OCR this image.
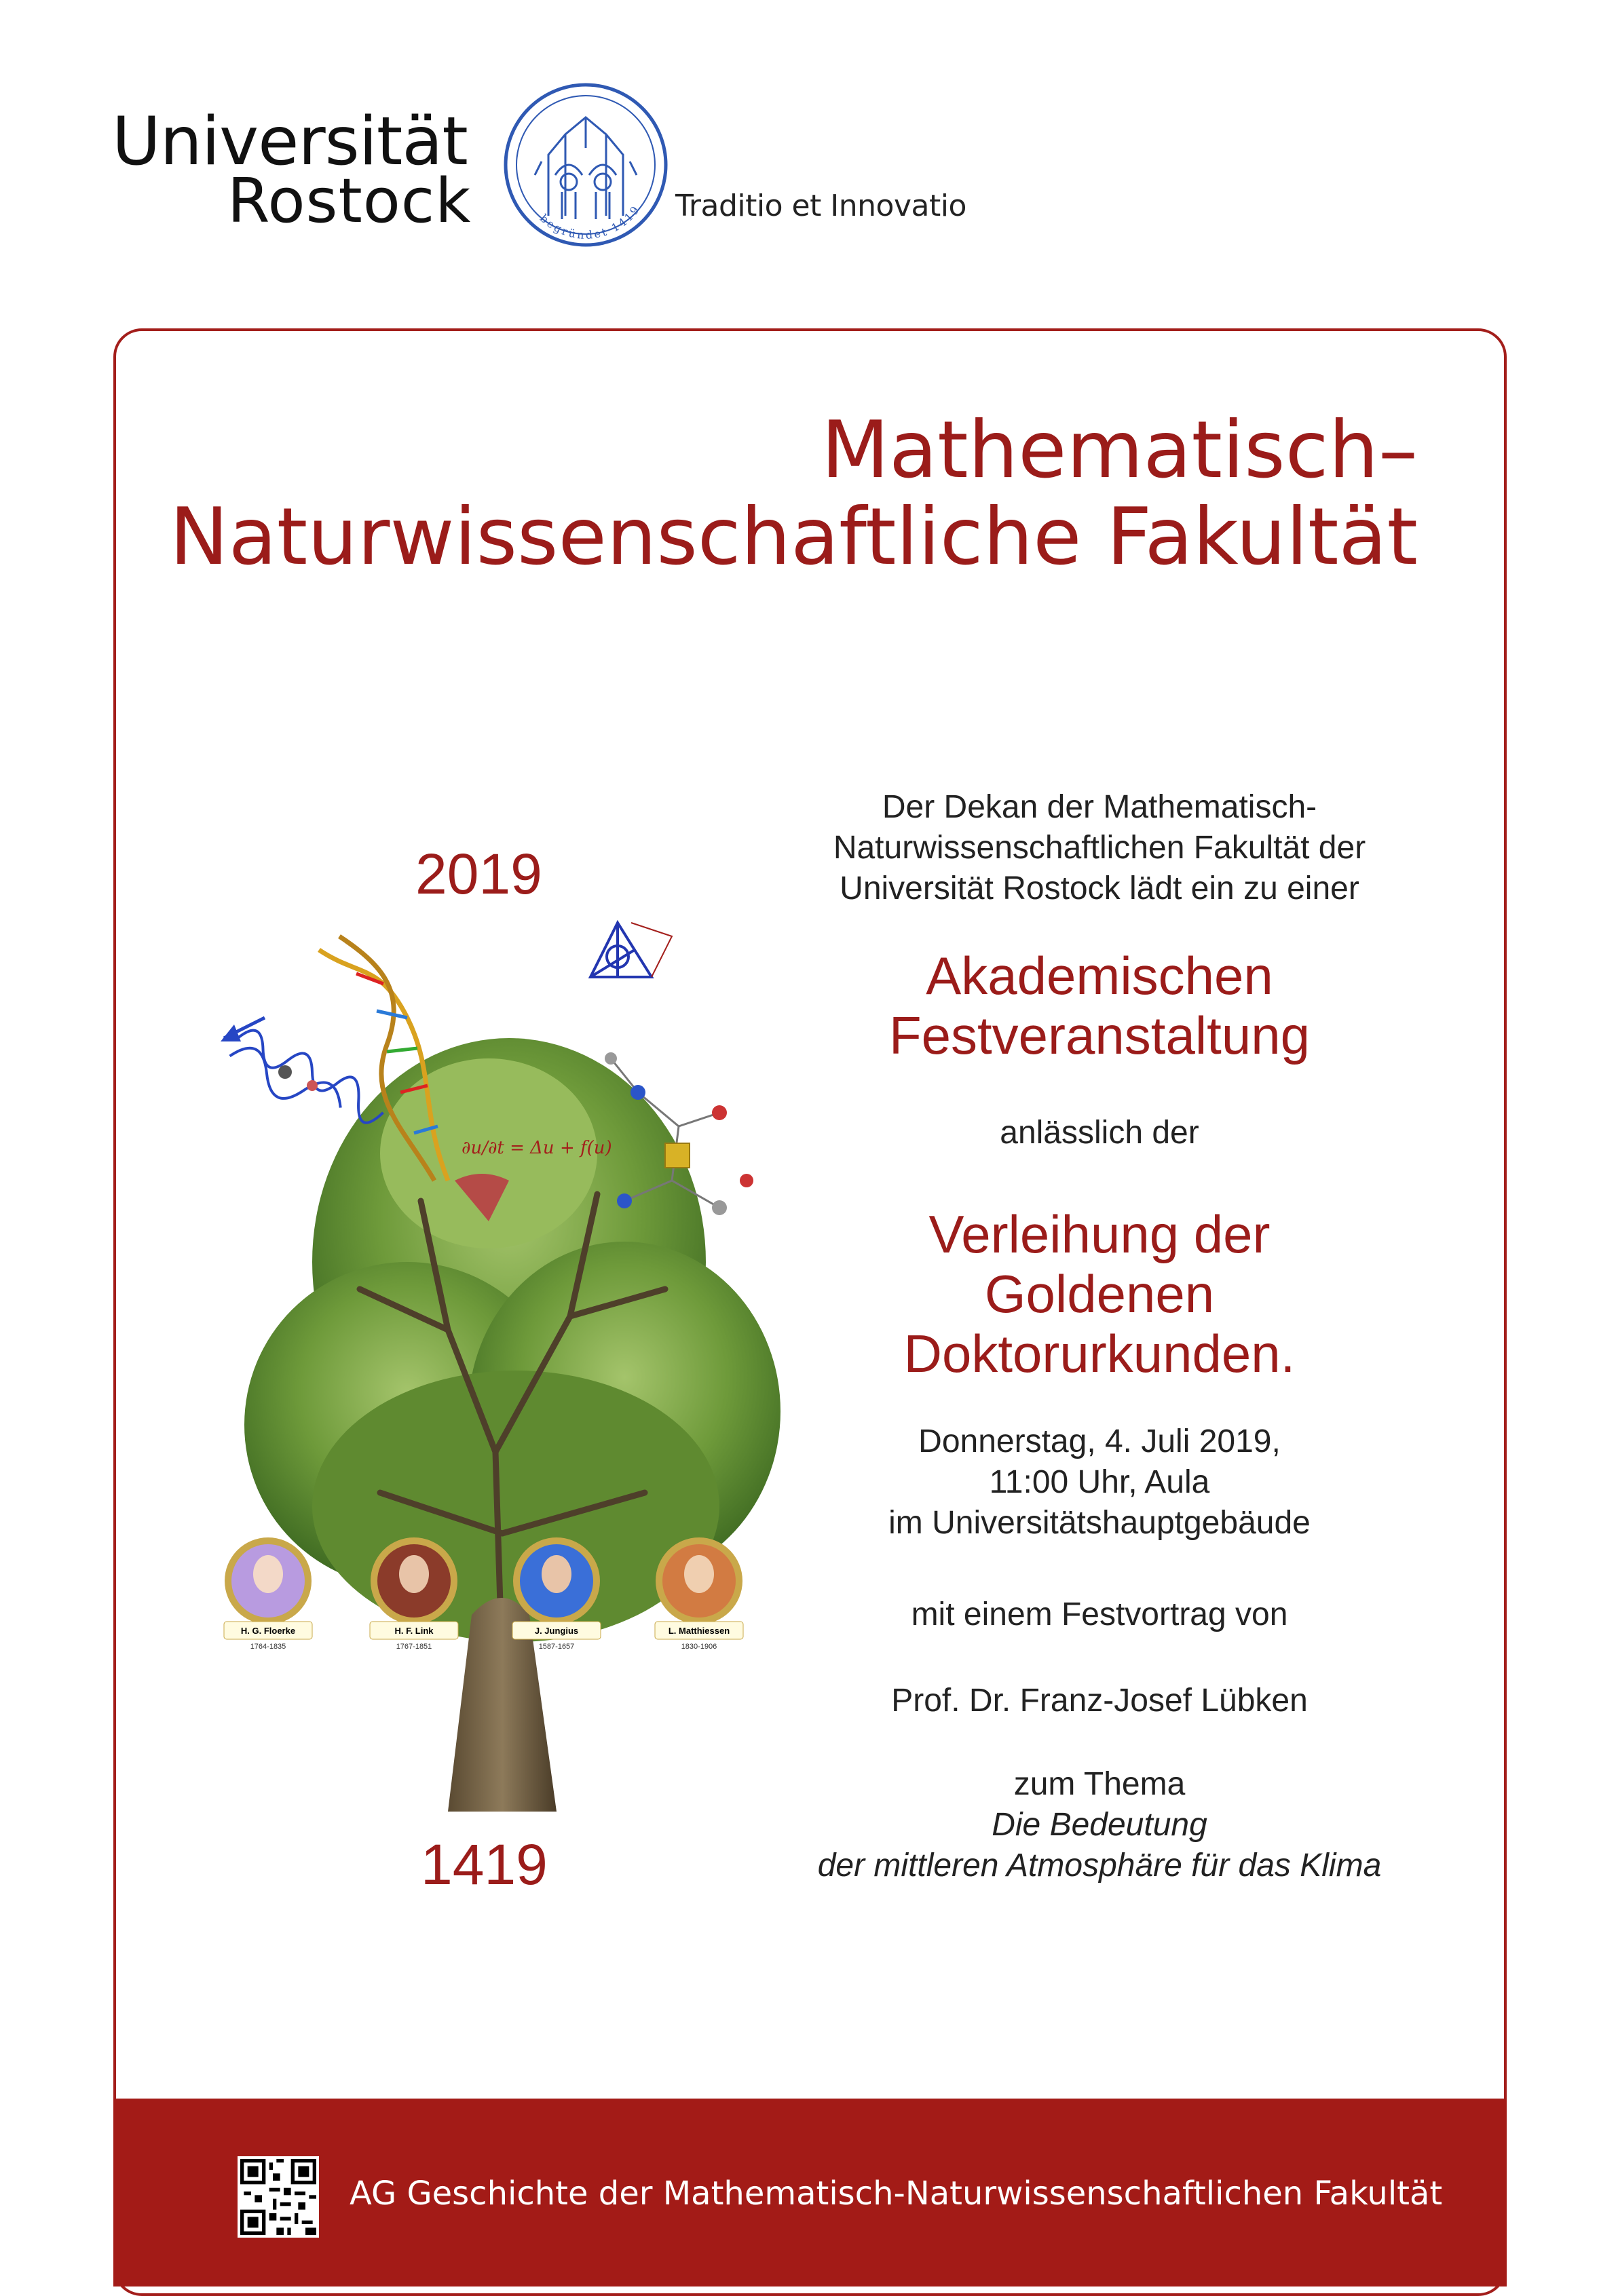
Universität
Rostock	begründet 1419 Traditio et Innovatio
Mathematisch–
Naturwissenschaftliche Fakultät
2019
1419
∂u/∂t = Δu + f(u)
H. G. Floerke
1764-1835
H. F. Link
1767-1851
J. Jungius
1587-1657
L. Matthiessen
1830-1906
Der Dekan der Mathematisch-
Naturwissenschaftlichen Fakultät der
Universität Rostock lädt ein zu einer
Akademischen
Festveranstaltung
anlässlich der
Verleihung der
Goldenen Doktorurkunden.
Donnerstag, 4. Juli 2019,
11:00 Uhr, Aula
im Universitätshauptgebäude
mit einem Festvortrag von
Prof. Dr. Franz-Josef Lübken
zum Thema
Die Bedeutung
der mittleren Atmosphäre für das Klima
AG Geschichte der Mathematisch-Naturwissenschaftlichen Fakultät
